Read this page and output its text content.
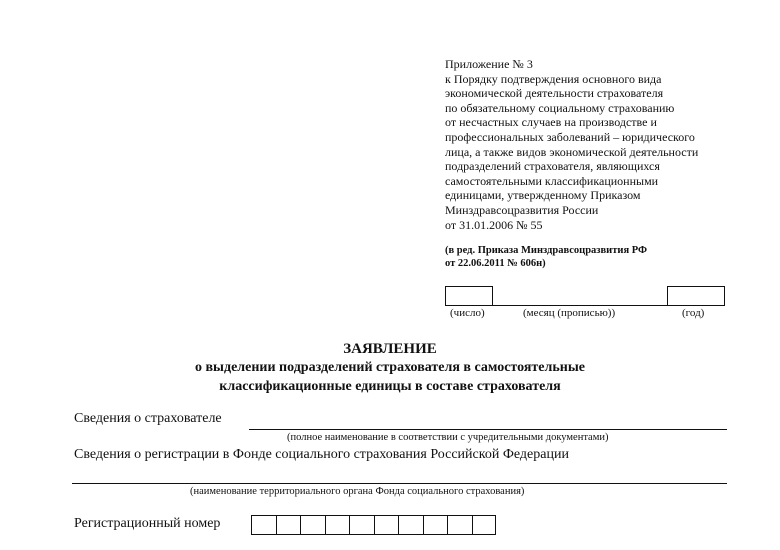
Приложение № 3
к Порядку подтверждения основного вида
экономической деятельности страхователя
по обязательному социальному страхованию
от несчастных случаев на производстве и
профессиональных заболеваний – юридического
лица, а также видов экономической деятельности
подразделений страхователя, являющихся
самостоятельными классификационными
единицами, утвержденному Приказом
Минздравсоцразвития России
от 31.01.2006 № 55
(в ред. Приказа Минздравсоцразвития РФ
от 22.06.2011 № 606н)
(число)	(месяц (прописью))	(год)
ЗАЯВЛЕНИЕ
о выделении подразделений страхователя в самостоятельные
классификационные единицы в составе страхователя
Сведения о страхователе
(полное наименование в соответствии с учредительными документами)
Сведения о регистрации в Фонде социального страхования Российской Федерации
(наименование территориального органа Фонда социального страхования)
Регистрационный номер
